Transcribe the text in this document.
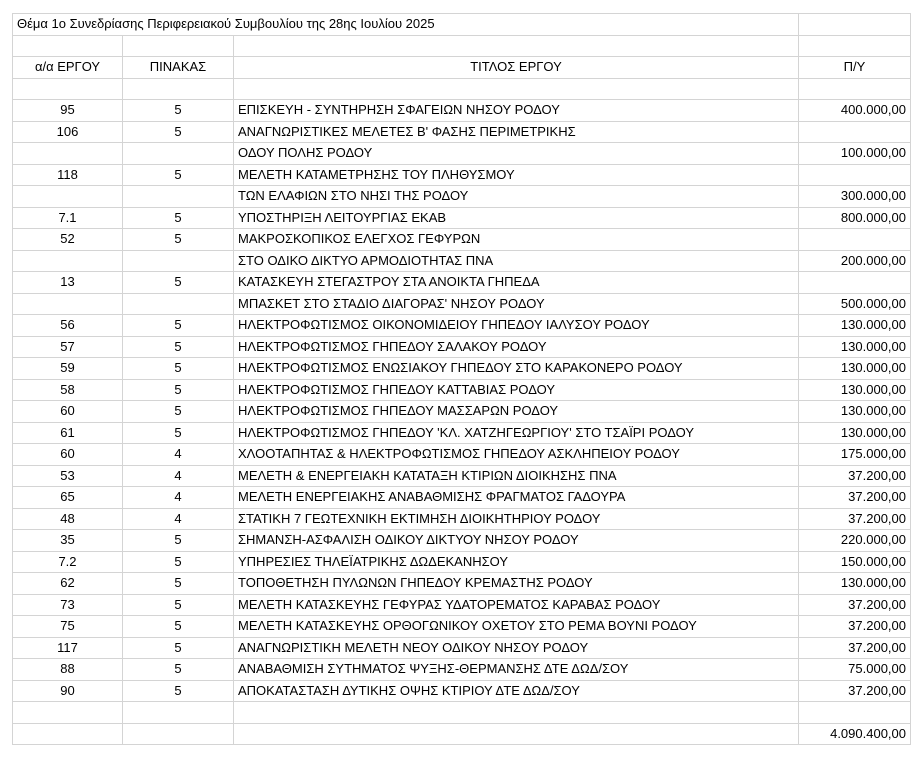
Θέμα 1ο Συνεδρίασης Περιφερειακού Συμβουλίου της 28ης Ιουλίου 2025			

α/α ΕΡΓΟΥ	ΠΙΝΑΚΑΣ	ΤΙΤΛΟΣ ΕΡΓΟΥ	Π/Υ

95	5	ΕΠΙΣΚΕΥΗ - ΣΥΝΤΗΡΗΣΗ ΣΦΑΓΕΙΩΝ ΝΗΣΟΥ ΡΟΔΟΥ	400.000,00
106	5	ΑΝΑΓΝΩΡΙΣΤΙΚΕΣ ΜΕΛΕΤΕΣ Β' ΦΑΣΗΣ ΠΕΡΙΜΕΤΡΙΚΗΣ	
		ΟΔΟΥ ΠΟΛΗΣ ΡΟΔΟΥ	100.000,00
118	5	ΜΕΛΕΤΗ ΚΑΤΑΜΕΤΡΗΣΗΣ ΤΟΥ ΠΛΗΘΥΣΜΟΥ	
		ΤΩΝ ΕΛΑΦΙΩΝ ΣΤΟ ΝΗΣΙ ΤΗΣ ΡΟΔΟΥ	300.000,00
7.1	5	ΥΠΟΣΤΗΡΙΞΗ ΛΕΙΤΟΥΡΓΙΑΣ ΕΚΑΒ	800.000,00
52	5	ΜΑΚΡΟΣΚΟΠΙΚΟΣ ΕΛΕΓΧΟΣ ΓΕΦΥΡΩΝ	
		ΣΤΟ ΟΔΙΚΟ ΔΙΚΤΥΟ ΑΡΜΟΔΙΟΤΗΤΑΣ ΠΝΑ	200.000,00
13	5	ΚΑΤΑΣΚΕΥΗ ΣΤΕΓΑΣΤΡΟΥ ΣΤΑ ΑΝΟΙΚΤΑ ΓΗΠΕΔΑ	
		ΜΠΑΣΚΕΤ ΣΤΟ ΣΤΑΔΙΟ ΔΙΑΓΟΡΑΣ' ΝΗΣΟΥ ΡΟΔΟΥ	500.000,00
56	5	ΗΛΕΚΤΡΟΦΩΤΙΣΜΟΣ ΟΙΚΟΝΟΜΙΔΕΙΟΥ ΓΗΠΕΔΟΥ ΙΑΛΥΣΟΥ ΡΟΔΟΥ	130.000,00
57	5	ΗΛΕΚΤΡΟΦΩΤΙΣΜΟΣ ΓΗΠΕΔΟΥ ΣΑΛΑΚΟΥ ΡΟΔΟΥ	130.000,00
59	5	ΗΛΕΚΤΡΟΦΩΤΙΣΜΟΣ ΕΝΩΣΙΑΚΟΥ ΓΗΠΕΔΟΥ ΣΤΟ ΚΑΡΑΚΟΝΕΡΟ ΡΟΔΟΥ	130.000,00
58	5	ΗΛΕΚΤΡΟΦΩΤΙΣΜΟΣ ΓΗΠΕΔΟΥ ΚΑΤΤΑΒΙΑΣ ΡΟΔΟΥ	130.000,00
60	5	ΗΛΕΚΤΡΟΦΩΤΙΣΜΟΣ ΓΗΠΕΔΟΥ ΜΑΣΣΑΡΩΝ ΡΟΔΟΥ	130.000,00
61	5	ΗΛΕΚΤΡΟΦΩΤΙΣΜΟΣ ΓΗΠΕΔΟΥ 'ΚΛ. ΧΑΤΖΗΓΕΩΡΓΙΟΥ' ΣΤΟ ΤΣΑΪΡΙ ΡΟΔΟΥ	130.000,00
60	4	ΧΛΟΟΤΑΠΗΤΑΣ & ΗΛΕΚΤΡΟΦΩΤΙΣΜΟΣ ΓΗΠΕΔΟΥ ΑΣΚΛΗΠΕΙΟΥ ΡΟΔΟΥ	175.000,00
53	4	ΜΕΛΕΤΗ & ΕΝΕΡΓΕΙΑΚΗ ΚΑΤΑΤΑΞΗ ΚΤΙΡΙΩΝ ΔΙΟΙΚΗΣΗΣ ΠΝΑ	37.200,00
65	4	ΜΕΛΕΤΗ ΕΝΕΡΓΕΙΑΚΗΣ ΑΝΑΒΑΘΜΙΣΗΣ ΦΡΑΓΜΑΤΟΣ ΓΑΔΟΥΡΑ	37.200,00
48	4	ΣΤΑΤΙΚΗ 7 ΓΕΩΤΕΧΝΙΚΗ ΕΚΤΙΜΗΣΗ ΔΙΟΙΚΗΤΗΡΙΟΥ ΡΟΔΟΥ	37.200,00
35	5	ΣΗΜΑΝΣΗ-ΑΣΦΑΛΙΣΗ ΟΔΙΚΟΥ ΔΙΚΤΥΟΥ ΝΗΣΟΥ ΡΟΔΟΥ	220.000,00
7.2	5	ΥΠΗΡΕΣΙΕΣ ΤΗΛΕΪΑΤΡΙΚΗΣ ΔΩΔΕΚΑΝΗΣΟΥ	150.000,00
62	5	ΤΟΠΟΘΕΤΗΣΗ ΠΥΛΩΝΩΝ ΓΗΠΕΔΟΥ ΚΡΕΜΑΣΤΗΣ ΡΟΔΟΥ	130.000,00
73	5	ΜΕΛΕΤΗ ΚΑΤΑΣΚΕΥΗΣ ΓΕΦΥΡΑΣ ΥΔΑΤΟΡΕΜΑΤΟΣ ΚΑΡΑΒΑΣ ΡΟΔΟΥ	37.200,00
75	5	ΜΕΛΕΤΗ ΚΑΤΑΣΚΕΥΗΣ ΟΡΘΟΓΩΝΙΚΟΥ ΟΧΕΤΟΥ ΣΤΟ ΡΕΜΑ ΒΟΥΝΙ ΡΟΔΟΥ	37.200,00
117	5	ΑΝΑΓΝΩΡΙΣΤΙΚΗ ΜΕΛΕΤΗ ΝΕΟΥ ΟΔΙΚΟΥ ΝΗΣΟΥ ΡΟΔΟΥ	37.200,00
88	5	ΑΝΑΒΑΘΜΙΣΗ ΣΥΤΗΜΑΤΟΣ ΨΥΞΗΣ-ΘΕΡΜΑΝΣΗΣ ΔΤΕ ΔΩΔ/ΣΟΥ	75.000,00
90	5	ΑΠΟΚΑΤΑΣΤΑΣΗ ΔΥΤΙΚΗΣ ΟΨΗΣ ΚΤΙΡΙΟΥ ΔΤΕ ΔΩΔ/ΣΟΥ	37.200,00

			4.090.400,00
